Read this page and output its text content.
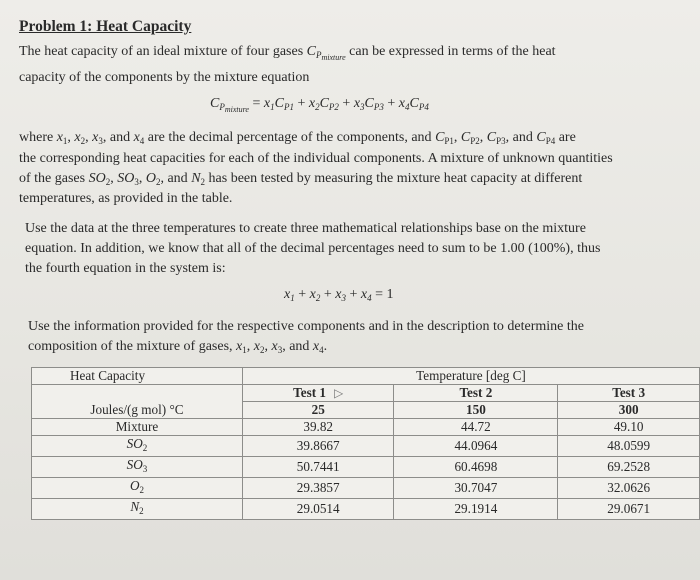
Problem 1: Heat Capacity
The heat capacity of an ideal mixture of four gases $C_{Pmixture}$ can be expressed in terms of the heat
capacity of the components by the mixture equation
$C_{Pmixture} = x_1C_{P1} + x_2C_{P2} + x_3C_{P3} + x_4C_{P4}$
where $x_1$, $x_2$, $x_3$, and $x_4$ are the decimal percentage of the components, and $C_{P1}$, $C_{P2}$, $C_{P3}$, and $C_{P4}$ are
the corresponding heat capacities for each of the individual components. A mixture of unknown quantities
of the gases $SO_2$, $SO_3$, $O_2$, and $N_2$ has been tested by measuring the mixture heat capacity at different
temperatures, as provided in the table.
Use the data at the three temperatures to create three mathematical relationships base on the mixture
equation. In addition, we know that all of the decimal percentages need to sum to be 1.00 (100%), thus
the fourth equation in the system is:
$x_1 + x_2 + x_3 + x_4 = 1$
Use the information provided for the respective components and in the description to determine the
composition of the mixture of gases, $x_1$, $x_2$, $x_3$, and $x_4$.
Heat Capacity	Temperature [deg C]		
Joules/(g mol) °C	Test 1 ▷	Test 2	Test 3
	25	150	300
Mixture	39.82	44.72	49.10
$SO_2$	39.8667	44.0964	48.0599
$SO_3$	50.7441	60.4698	69.2528
$O_2$	29.3857	30.7047	32.0626
$N_2$	29.0514	29.1914	29.0671
